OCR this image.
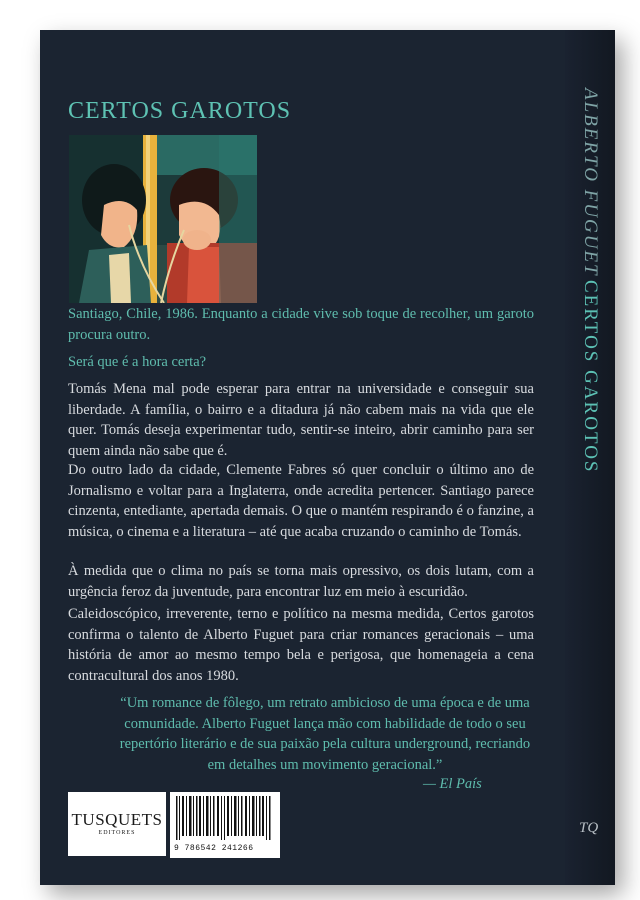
CERTOS GAROTOS
Santiago, Chile, 1986. Enquanto a cidade vive sob toque de recolher, um garoto procura outro.
Será que é a hora certa?
Tomás Mena mal pode esperar para entrar na universidade e conseguir sua liberdade. A família, o bairro e a ditadura já não cabem mais na vida que ele quer. Tomás deseja experimentar tudo, sentir-se inteiro, abrir caminho para ser quem ainda não sabe que é.
Do outro lado da cidade, Clemente Fabres só quer concluir o último ano de Jornalismo e voltar para a Inglaterra, onde acredita pertencer. Santiago parece cinzenta, entediante, apertada demais. O que o mantém respirando é o fanzine, a música, o cinema e a literatura – até que acaba cruzando o caminho de Tomás.
À medida que o clima no país se torna mais opressivo, os dois lutam, com a urgência feroz da juventude, para encontrar luz em meio à escuridão.
Caleidoscópico, irreverente, terno e político na mesma medida, Certos garotos confirma o talento de Alberto Fuguet para criar romances geracionais – uma história de amor ao mesmo tempo bela e perigosa, que homenageia a cena contracultural dos anos 1980.
“Um romance de fôlego, um retrato ambicioso de uma época e de uma comunidade. Alberto Fuguet lança mão com habilidade de todo o seu repertório literário e de sua paixão pela cultura underground, recriando em detalhes um movimento geracional.”
— El País
TUSQUETS
EDITORES
9 786542 241266
ALBERTO FUGUET
CERTOS GAROTOS
TQ
